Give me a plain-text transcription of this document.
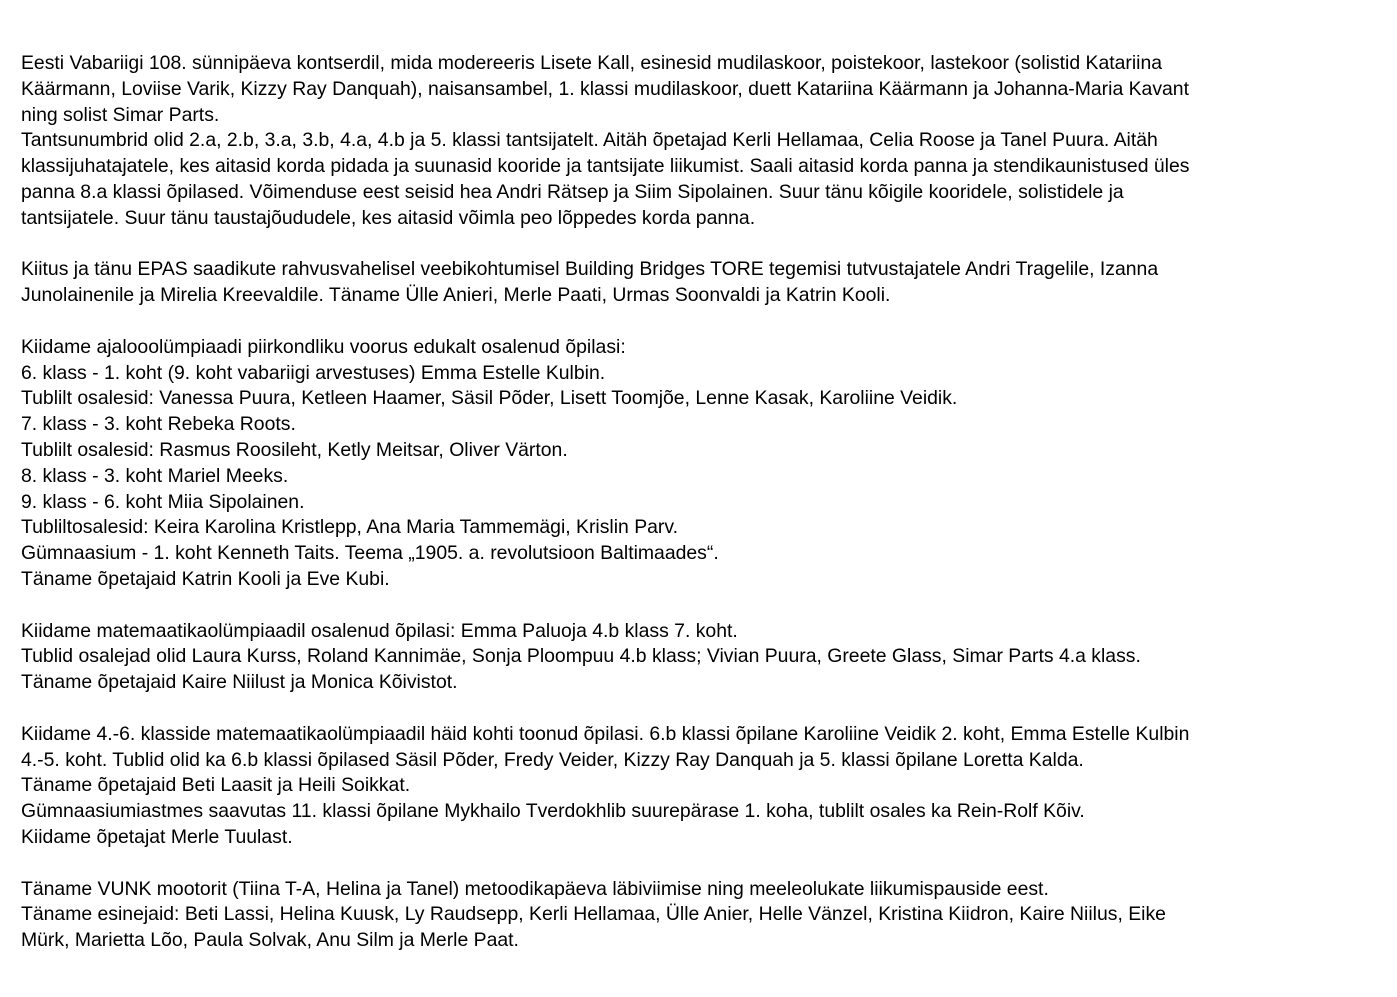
Eesti Vabariigi 108. sünnipäeva kontserdil, mida modereeris Lisete Kall, esinesid mudilaskoor, poistekoor, lastekoor (solistid Katariina
Käärmann, Loviise Varik, Kizzy Ray Danquah), naisansambel, 1. klassi mudilaskoor, duett Katariina Käärmann ja Johanna-Maria Kavant
ning solist Simar Parts.
Tantsunumbrid olid 2.a, 2.b, 3.a, 3.b, 4.a, 4.b ja 5. klassi tantsijatelt. Aitäh õpetajad Kerli Hellamaa, Celia Roose ja Tanel Puura. Aitäh
klassijuhatajatele, kes aitasid korda pidada ja suunasid kooride ja tantsijate liikumist. Saali aitasid korda panna ja stendikaunistused üles
panna 8.a klassi õpilased. Võimenduse eest seisid hea Andri Rätsep ja Siim Sipolainen. Suur tänu kõigile kooridele, solistidele ja
tantsijatele. Suur tänu taustajõududele, kes aitasid võimla peo lõppedes korda panna.
Kiitus ja tänu EPAS saadikute rahvusvahelisel veebikohtumisel Building Bridges TORE tegemisi tutvustajatele Andri Tragelile, Izanna
Junolainenile ja Mirelia Kreevaldile. Täname Ülle Anieri, Merle Paati, Urmas Soonvaldi ja Katrin Kooli.
Kiidame ajalooolümpiaadi piirkondliku voorus edukalt osalenud õpilasi:
6. klass - 1. koht (9. koht vabariigi arvestuses) Emma Estelle Kulbin.
Tublilt osalesid: Vanessa Puura, Ketleen Haamer, Säsil Põder, Lisett Toomjõe, Lenne Kasak, Karoliine Veidik.
7. klass - 3. koht Rebeka Roots.
Tublilt osalesid: Rasmus Roosileht, Ketly Meitsar, Oliver Värton.
8. klass - 3. koht Mariel Meeks.
9. klass - 6. koht Miia Sipolainen.
Tubliltosalesid: Keira Karolina Kristlepp, Ana Maria Tammemägi, Krislin Parv.
Gümnaasium - 1. koht Kenneth Taits. Teema „1905. a. revolutsioon Baltimaades“.
Täname õpetajaid Katrin Kooli ja Eve Kubi.
Kiidame matemaatikaolümpiaadil osalenud õpilasi: Emma Paluoja 4.b klass 7. koht.
Tublid osalejad olid Laura Kurss, Roland Kannimäe, Sonja Ploompuu 4.b klass; Vivian Puura, Greete Glass, Simar Parts 4.a klass.
Täname õpetajaid Kaire Niilust ja Monica Kõivistot.
Kiidame 4.-6. klasside matemaatikaolümpiaadil häid kohti toonud õpilasi. 6.b klassi õpilane Karoliine Veidik 2. koht, Emma Estelle Kulbin
4.-5. koht. Tublid olid ka 6.b klassi õpilased Säsil Põder, Fredy Veider, Kizzy Ray Danquah ja 5. klassi õpilane Loretta Kalda.
Täname õpetajaid Beti Laasit ja Heili Soikkat.
Gümnaasiumiastmes saavutas 11. klassi õpilane Mykhailo Tverdokhlib suurepärase 1. koha, tublilt osales ka Rein-Rolf Kõiv.
Kiidame õpetajat Merle Tuulast.
Täname VUNK mootorit (Tiina T-A, Helina ja Tanel) metoodikapäeva läbiviimise ning meeleolukate liikumispauside eest.
Täname esinejaid: Beti Lassi, Helina Kuusk, Ly Raudsepp, Kerli Hellamaa, Ülle Anier, Helle Vänzel, Kristina Kiidron, Kaire Niilus, Eike
Mürk, Marietta Lõo, Paula Solvak, Anu Silm ja Merle Paat.
